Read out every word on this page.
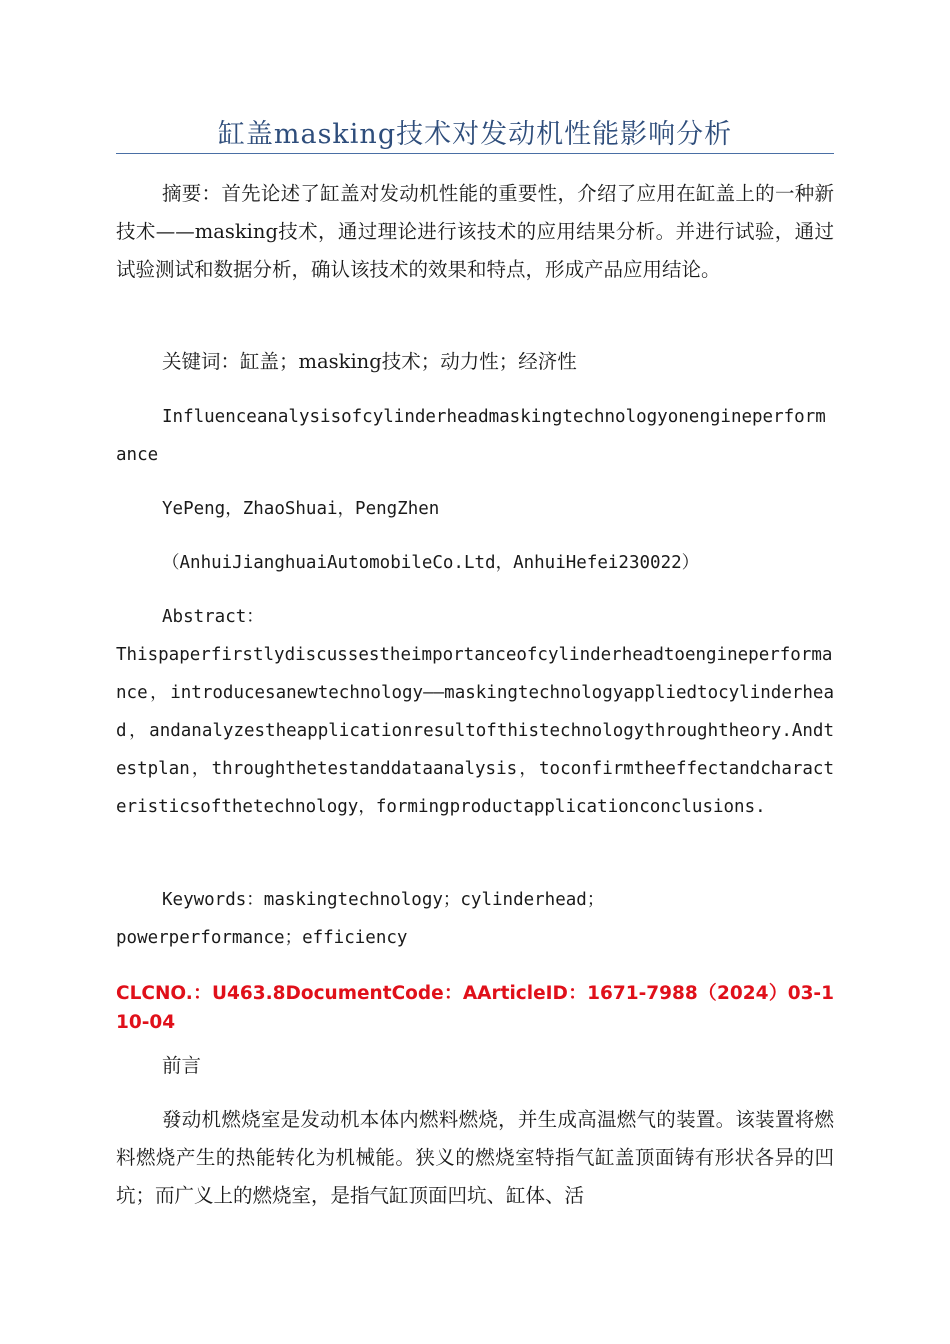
缸盖masking技术对发动机性能影响分析
摘要：首先论述了缸盖对发动机性能的重要性，介绍了应用在缸盖上的一种新技术——masking技术，通过理论进行该技术的应用结果分析。并进行试验，通过试验测试和数据分析，确认该技术的效果和特点，形成产品应用结论。
关键词：缸盖；masking技术；动力性；经济性
Influenceanalysisofcylinderheadmaskingtechnologyonengineperformance
YePeng，ZhaoShuai，PengZhen
（AnhuiJianghuaiAutomobileCo.Ltd，AnhuiHefei230022）
Abstract：
Thispaperfirstlydiscussestheimportanceofcylinderheadtoengineperformance，introducesanewtechnology——maskingtechnologyappliedtocylinderhead，andanalyzestheapplicationresultofthistechnologythroughtheory.Andtestplan，throughthetestanddataanalysis，toconfirmtheeffectandcharacteristicsofthetechnology，formingproductapplicationconclusions.
Keywords：maskingtechnology；cylinderhead；
powerperformance；efficiency
CLCNO.：U463.8DocumentCode：AArticleID：1671-7988（2024）03-110-04
前言
發动机燃烧室是发动机本体内燃料燃烧，并生成高温燃气的装置。该装置将燃料燃烧产生的热能转化为机械能。狭义的燃烧室特指气缸盖顶面铸有形状各异的凹坑；而广义上的燃烧室，是指气缸顶面凹坑、缸体、活
